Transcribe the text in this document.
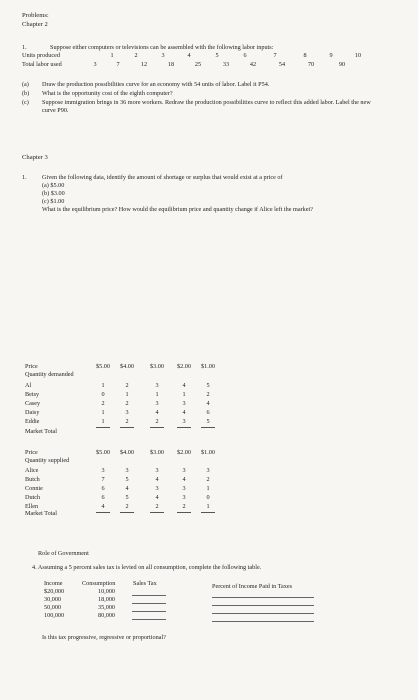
Problems:
Chapter 2
1.	Suppose either computers or televisions can be assembled with the following labor inputs:
Units produced	1	2	3	4	5	6	7	8	9	10
Total labor used	3	7	12	18	25	33	42	54	70	90
(a) Draw the production possibilities curve for an economy with 54 units of labor. Label it P54.
(b) What is the opportunity cost of the eighth computer?
(c) Suppose immigration brings in 36 more workers. Redraw the production possibilities curve to reflect this added labor. Label the new curve P90.
Chapter 3
1. Given the following data, identify the amount of shortage or surplus that would exist at a price of
(a) $5.00
(b) $3.00
(c) $1.00
What is the equilibrium price? How would the equilibrium price and quantity change if Alice left the market?
Price
Quantity demanded
$5.00	$4.00	$3.00	$2.00	$1.00
Al	1	2	3	4	5
Betsy	0	1	1	1	2
Casey	2	2	3	3	4
Daisy	1	3	4	4	6
Eddie	1	2	2	3	5
Market Total
Price
Quantity supplied
$5.00	$4.00	$3.00	$2.00	$1.00
Alice	3	3	3	3	3
Butch	7	5	4	4	2
Connie	6	4	3	3	1
Dutch	6	5	4	3	0
Ellen	4	2	2	2	1
Market Total
Role of Government
4. Assuming a 5 percent sales tax is levied on all consumption, complete the following table.
Income	Consumption	Sales Tax	Percent of Income Paid in Taxes
$20,000	10,000
30,000	18,000
50,000	35,000
100,000	80,000
Is this tax progressive, regressive or proportional?
